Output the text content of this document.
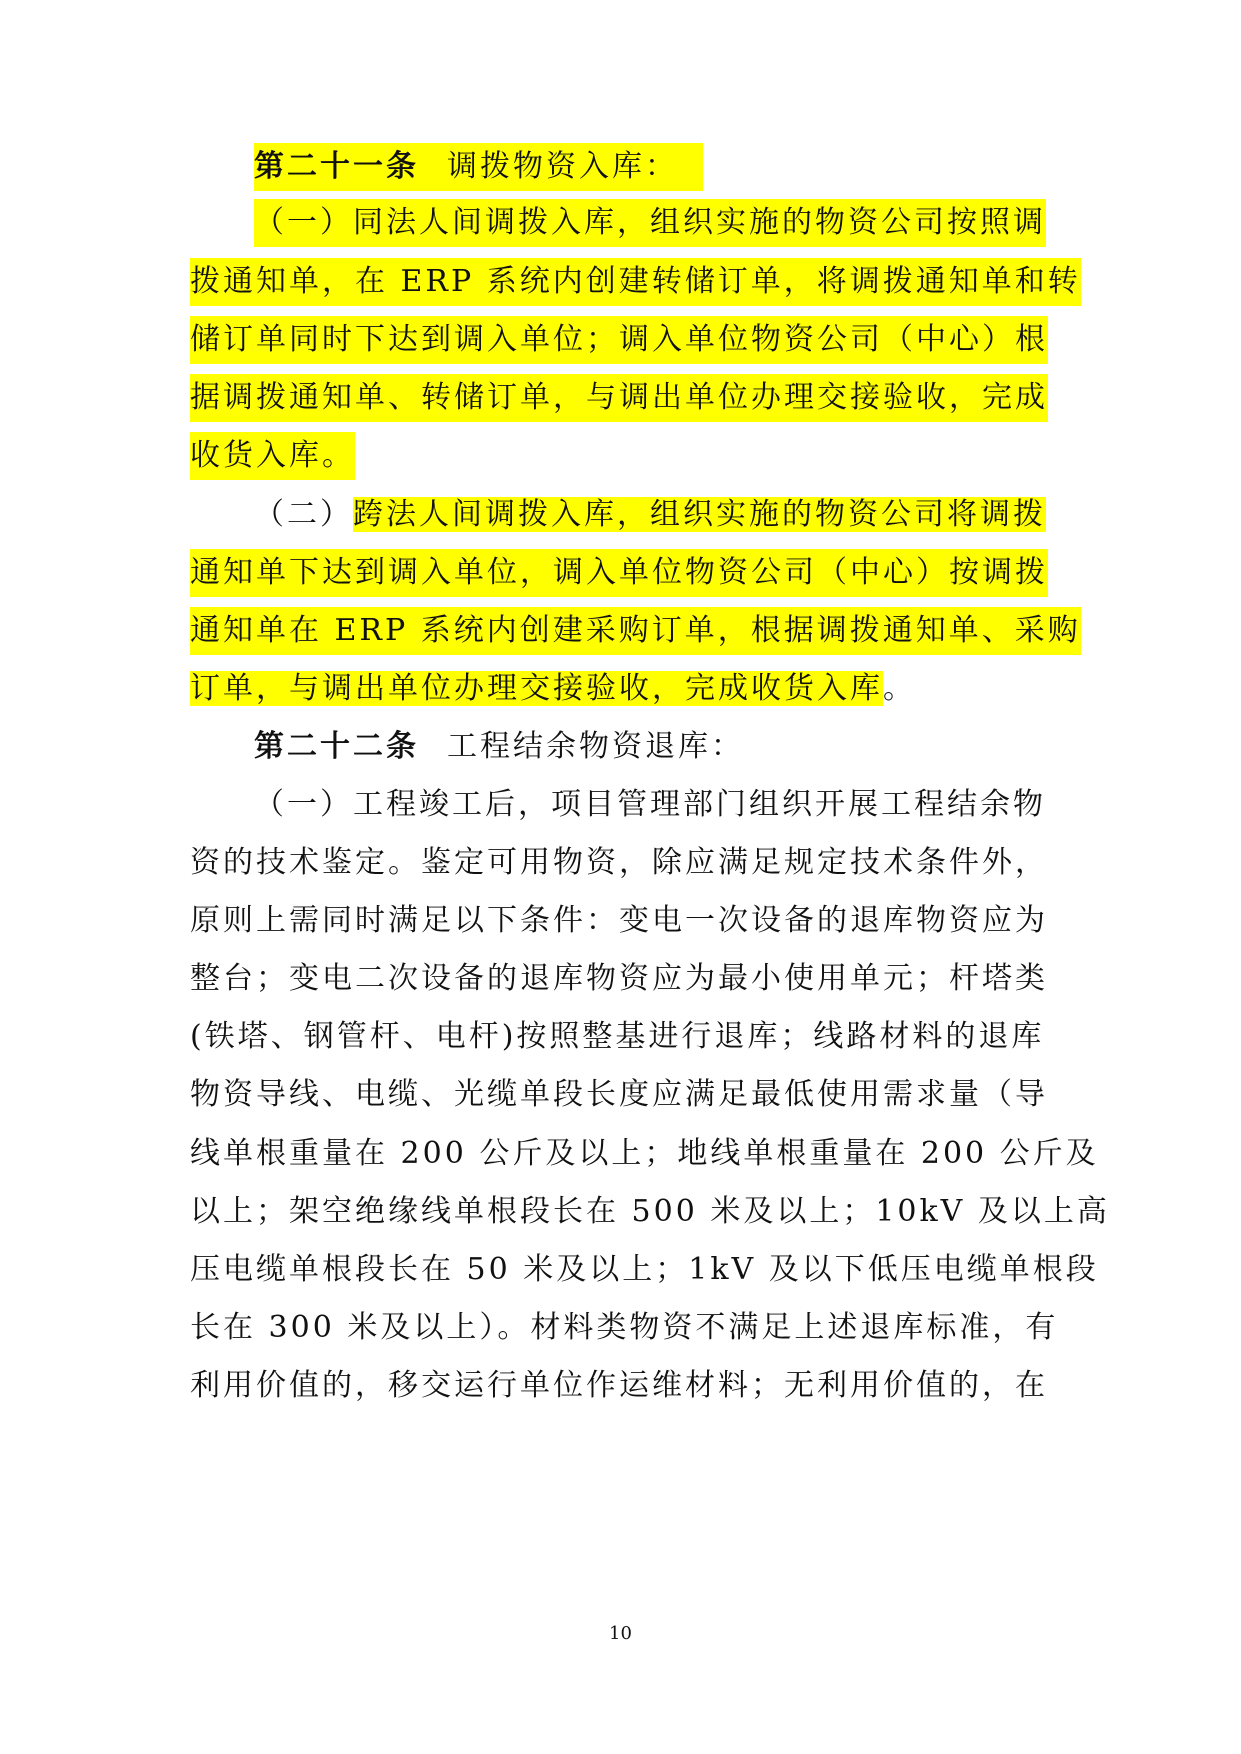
第二十一条 调拨物资入库：
（一）同法人间调拨入库，组织实施的物资公司按照调
拨通知单，在 ERP 系统内创建转储订单，将调拨通知单和转
储订单同时下达到调入单位；调入单位物资公司（中心）根
据调拨通知单、转储订单，与调出单位办理交接验收，完成
收货入库。
（二）跨法人间调拨入库，组织实施的物资公司将调拨
通知单下达到调入单位，调入单位物资公司（中心）按调拨
通知单在 ERP 系统内创建采购订单，根据调拨通知单、采购
订单，与调出单位办理交接验收，完成收货入库。
第二十二条 工程结余物资退库：
（一）工程竣工后，项目管理部门组织开展工程结余物
资的技术鉴定。鉴定可用物资，除应满足规定技术条件外，
原则上需同时满足以下条件：变电一次设备的退库物资应为
整台；变电二次设备的退库物资应为最小使用单元；杆塔类
(铁塔、钢管杆、电杆)按照整基进行退库；线路材料的退库
物资导线、电缆、光缆单段长度应满足最低使用需求量（导
线单根重量在 200 公斤及以上；地线单根重量在 200 公斤及
以上；架空绝缘线单根段长在 500 米及以上；10kV 及以上高
压电缆单根段长在 50 米及以上；1kV 及以下低压电缆单根段
长在 300 米及以上）。材料类物资不满足上述退库标准，有
利用价值的，移交运行单位作运维材料；无利用价值的，在
10
